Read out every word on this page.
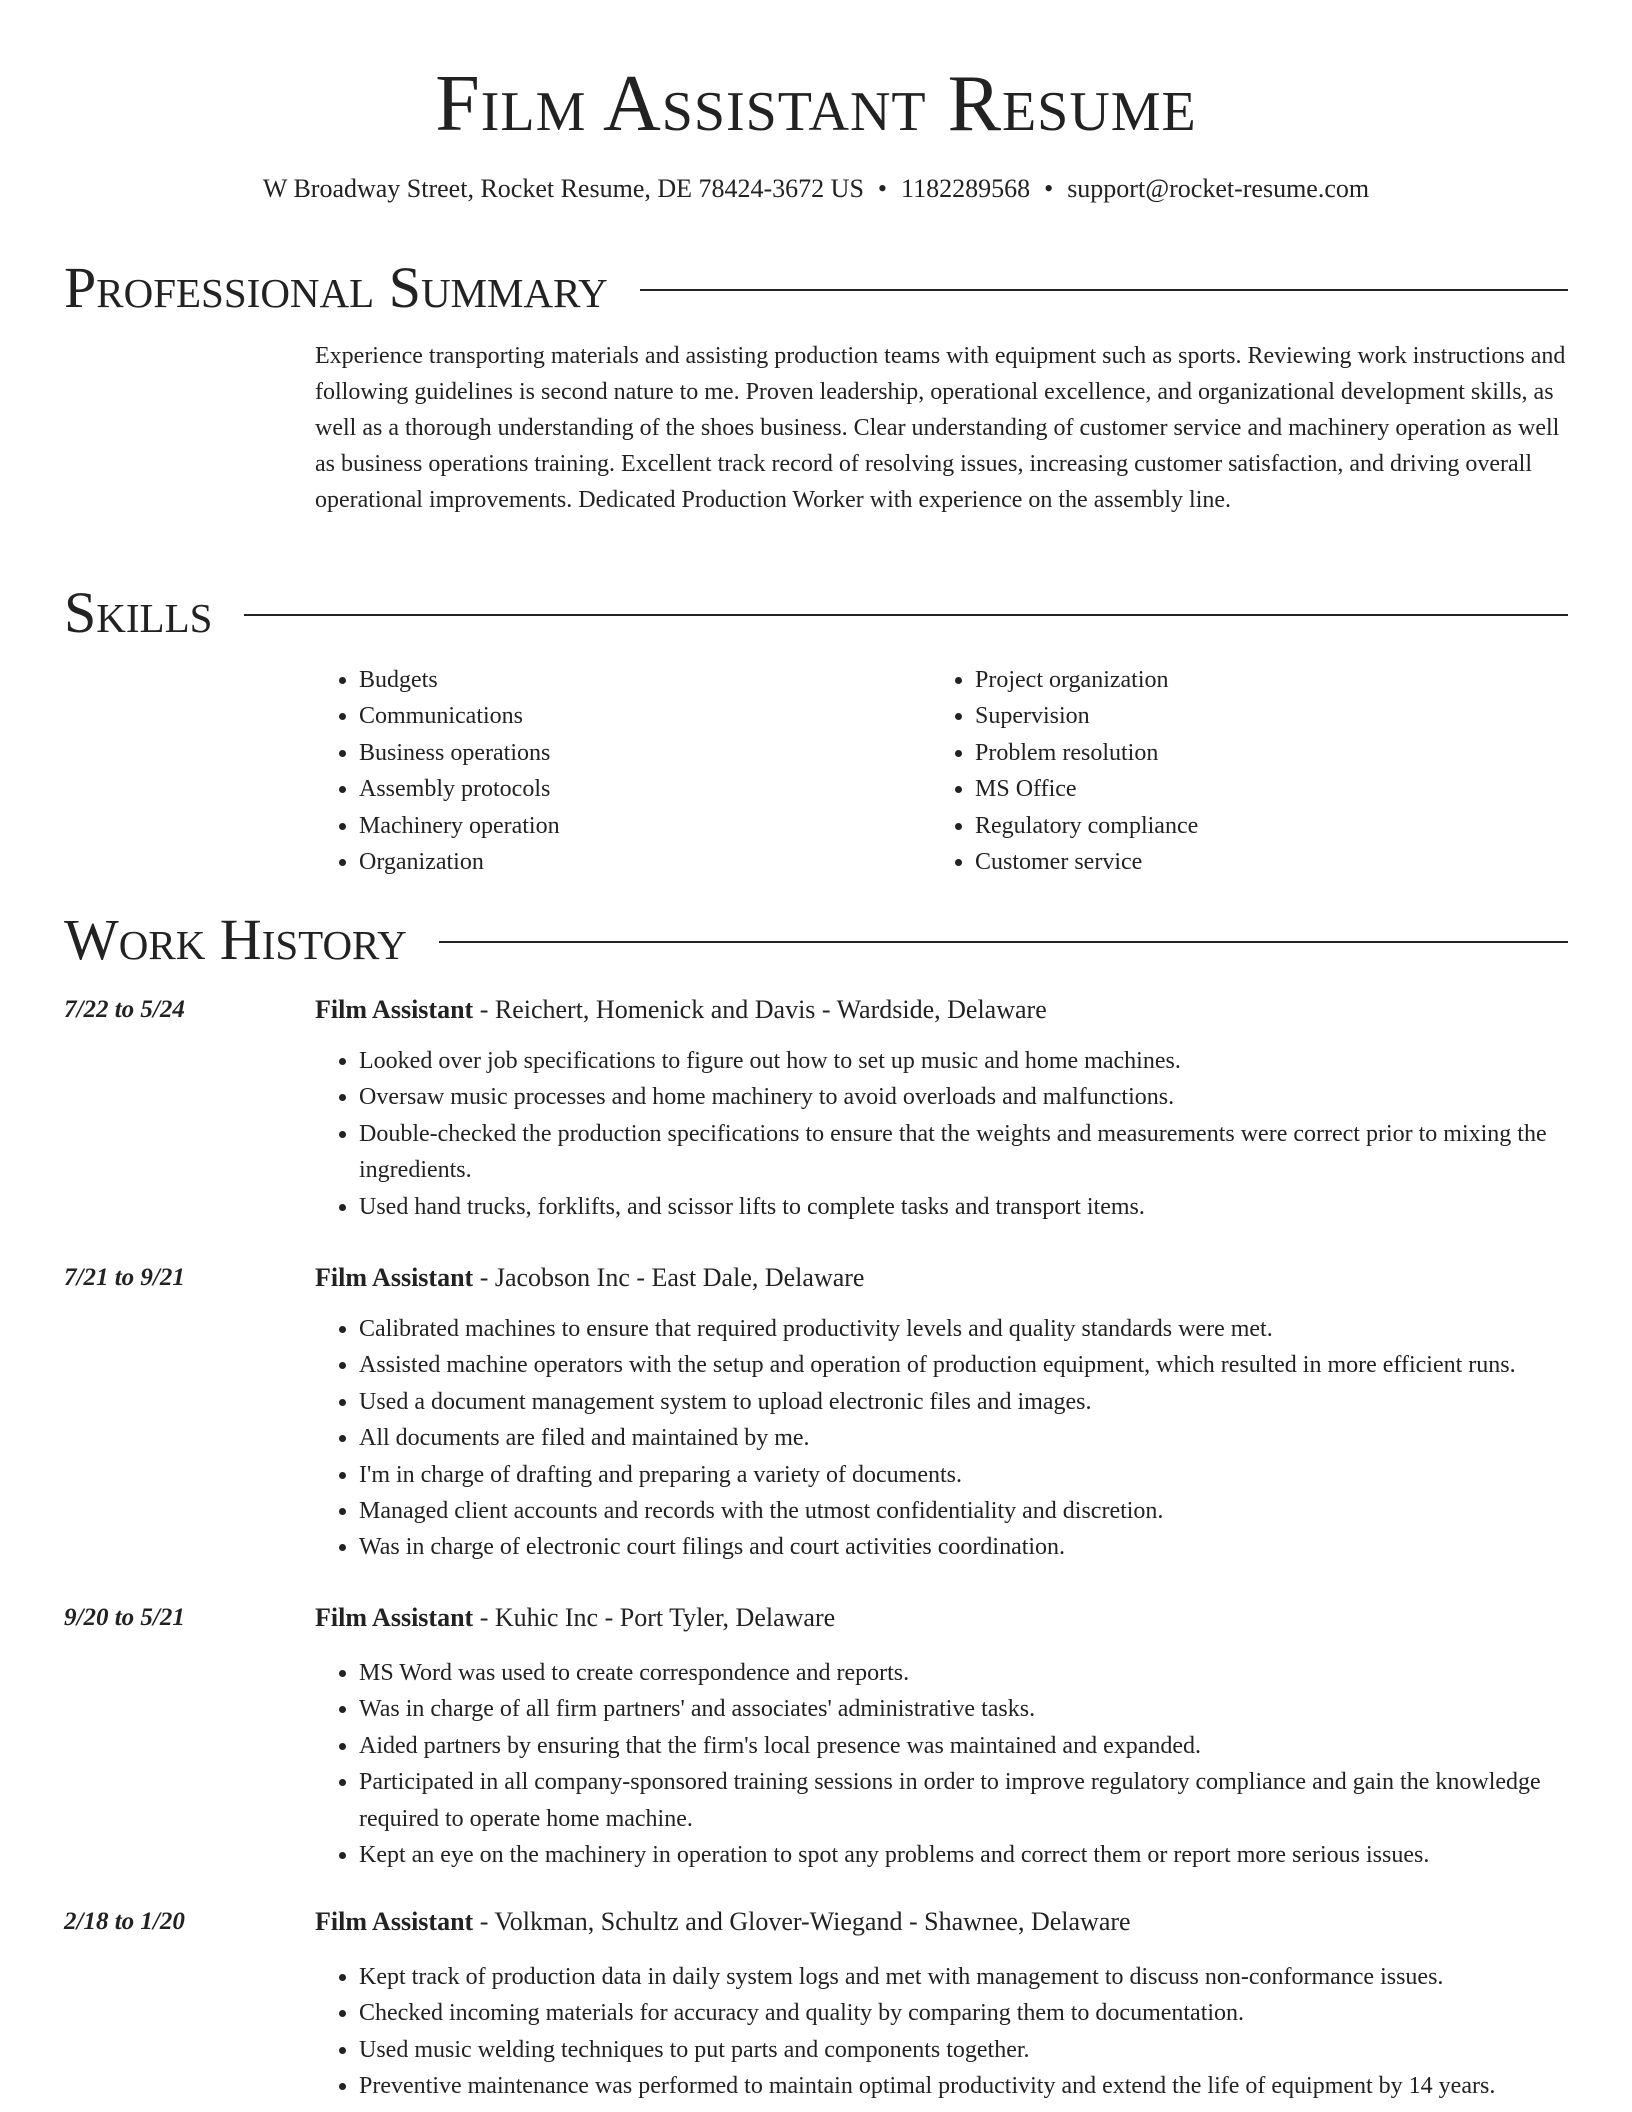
Film Assistant Resume
W Broadway Street, Rocket Resume, DE 78424-3672 US • 1182289568 • support@rocket-resume.com
Professional Summary

Experience transporting materials and assisting production teams with equipment such as sports. Reviewing work instructions and following guidelines is second nature to me. Proven leadership, operational excellence, and organizational development skills, as well as a thorough understanding of the shoes business. Clear understanding of customer service and machinery operation as well as business operations training. Excellent track record of resolving issues, increasing customer satisfaction, and driving overall operational improvements. Dedicated Production Worker with experience on the assembly line.

Skills
• Budgets
• Communications
• Business operations
• Assembly protocols
• Machinery operation
• Organization
• Project organization
• Supervision
• Problem resolution
• MS Office
• Regulatory compliance
• Customer service
Work History
7/22 to 5/24	Film Assistant - Reichert, Homenick and Davis - Wardside, Delaware
• Looked over job specifications to figure out how to set up music and home machines.
• Oversaw music processes and home machinery to avoid overloads and malfunctions.
• Double-checked the production specifications to ensure that the weights and measurements were correct prior to mixing the ingredients.
• Used hand trucks, forklifts, and scissor lifts to complete tasks and transport items.
7/21 to 9/21	Film Assistant - Jacobson Inc - East Dale, Delaware
• Calibrated machines to ensure that required productivity levels and quality standards were met.
• Assisted machine operators with the setup and operation of production equipment, which resulted in more efficient runs.
• Used a document management system to upload electronic files and images.
• All documents are filed and maintained by me.
• I'm in charge of drafting and preparing a variety of documents.
• Managed client accounts and records with the utmost confidentiality and discretion.
• Was in charge of electronic court filings and court activities coordination.
9/20 to 5/21	Film Assistant - Kuhic Inc - Port Tyler, Delaware
• MS Word was used to create correspondence and reports.
• Was in charge of all firm partners' and associates' administrative tasks.
• Aided partners by ensuring that the firm's local presence was maintained and expanded.
• Participated in all company-sponsored training sessions in order to improve regulatory compliance and gain the knowledge required to operate home machine.
• Kept an eye on the machinery in operation to spot any problems and correct them or report more serious issues.
2/18 to 1/20	Film Assistant - Volkman, Schultz and Glover-Wiegand - Shawnee, Delaware
• Kept track of production data in daily system logs and met with management to discuss non-conformance issues.
• Checked incoming materials for accuracy and quality by comparing them to documentation.
• Used music welding techniques to put parts and components together.
• Preventive maintenance was performed to maintain optimal productivity and extend the life of equipment by 14 years.
